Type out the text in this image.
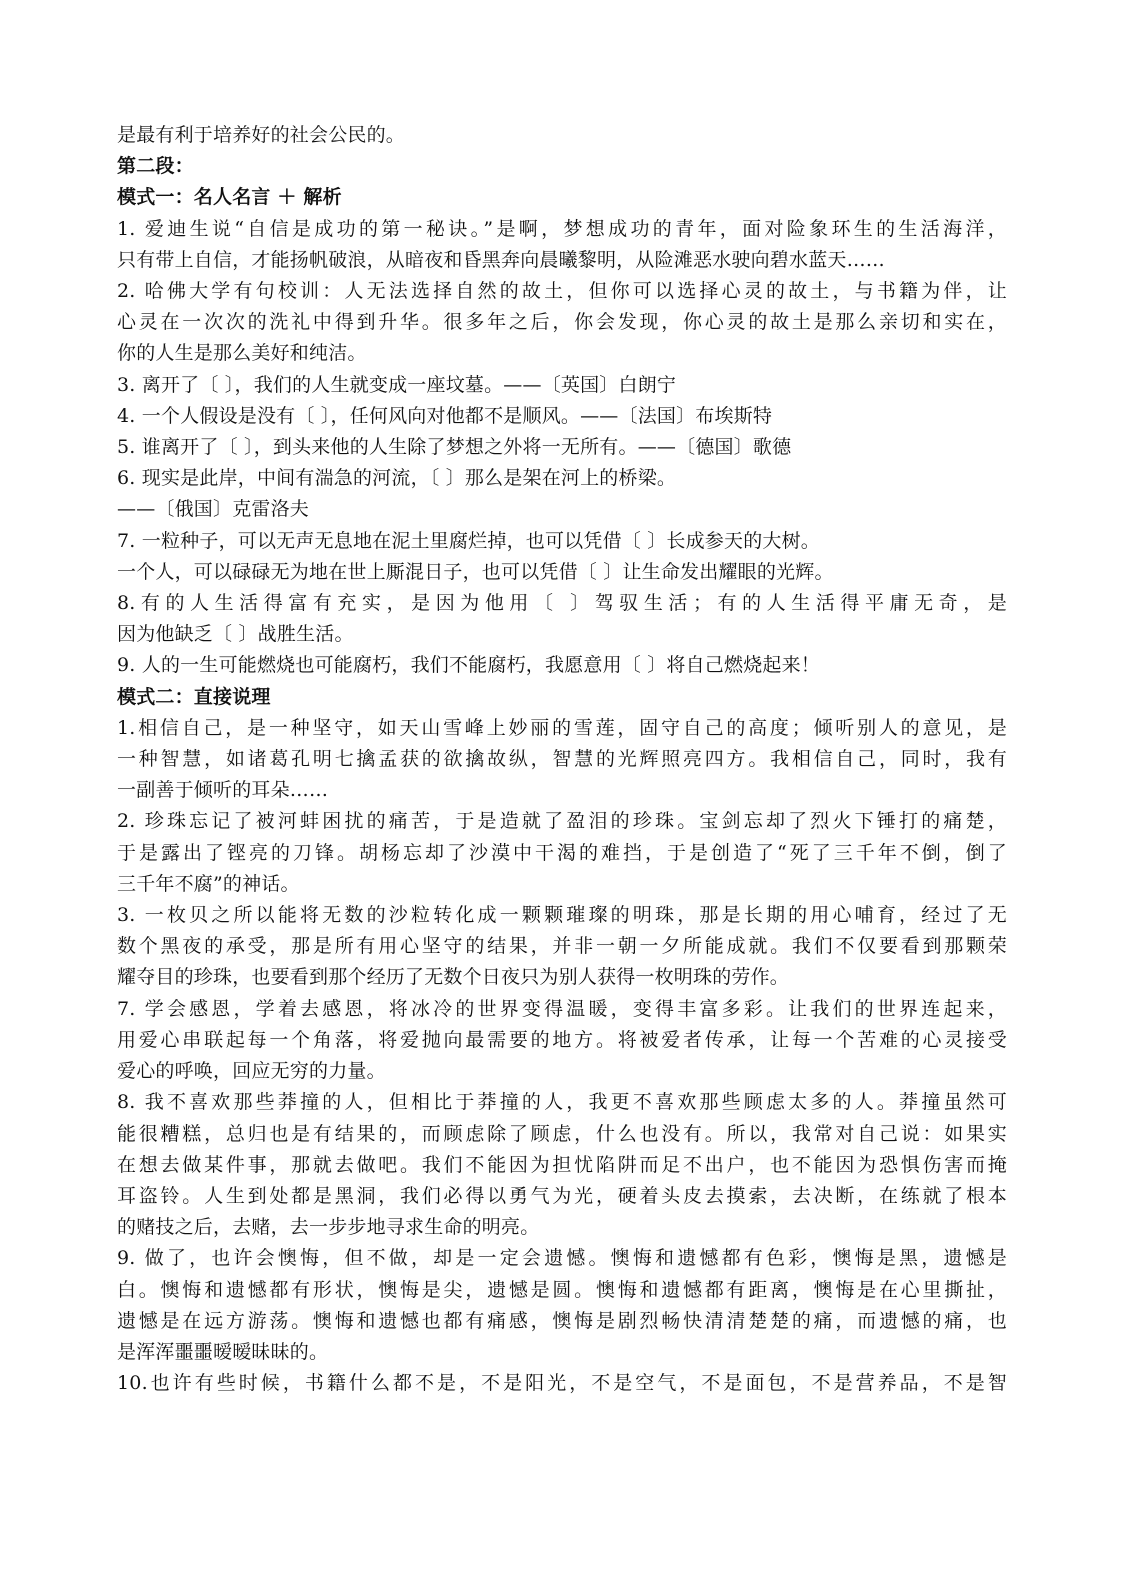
是最有利于培养好的社会公民的。
第二段：
模式一：名人名言 ＋ 解析
1. 爱迪生说“自信是成功的第一秘诀。”是啊，梦想成功的青年，面对险象环生的生活海洋，
只有带上自信，才能扬帆破浪，从暗夜和昏黑奔向晨曦黎明，从险滩恶水驶向碧水蓝天……
2. 哈佛大学有句校训：人无法选择自然的故土，但你可以选择心灵的故土，与书籍为伴，让
心灵在一次次的洗礼中得到升华。很多年之后，你会发现，你心灵的故土是那么亲切和实在，
你的人生是那么美好和纯洁。
3. 离开了〔 〕，我们的人生就变成一座坟墓。——〔英国〕白朗宁
4. 一个人假设是没有〔 〕，任何风向对他都不是顺风。——〔法国〕布埃斯特
5. 谁离开了〔 〕，到头来他的人生除了梦想之外将一无所有。——〔德国〕歌德
6. 现实是此岸，中间有湍急的河流，〔 〕那么是架在河上的桥梁。
——〔俄国〕克雷洛夫
7. 一粒种子，可以无声无息地在泥土里腐烂掉，也可以凭借〔 〕长成参天的大树。
一个人，可以碌碌无为地在世上厮混日子，也可以凭借〔 〕让生命发出耀眼的光辉。
8.有的人生活得富有充实，是因为他用〔 〕驾驭生活；有的人生活得平庸无奇，是
因为他缺乏〔 〕战胜生活。
9. 人的一生可能燃烧也可能腐朽，我们不能腐朽，我愿意用〔 〕将自己燃烧起来！
模式二：直接说理
1.相信自己，是一种坚守，如天山雪峰上妙丽的雪莲，固守自己的高度；倾听别人的意见，是
一种智慧，如诸葛孔明七擒孟获的欲擒故纵，智慧的光辉照亮四方。我相信自己，同时，我有
一副善于倾听的耳朵……
2. 珍珠忘记了被河蚌困扰的痛苦，于是造就了盈泪的珍珠。宝剑忘却了烈火下锤打的痛楚，
于是露出了铿亮的刀锋。胡杨忘却了沙漠中干渴的难挡，于是创造了“死了三千年不倒，倒了
三千年不腐”的神话。
3. 一枚贝之所以能将无数的沙粒转化成一颗颗璀璨的明珠，那是长期的用心哺育，经过了无
数个黑夜的承受，那是所有用心坚守的结果，并非一朝一夕所能成就。我们不仅要看到那颗荣
耀夺目的珍珠，也要看到那个经历了无数个日夜只为别人获得一枚明珠的劳作。
7. 学会感恩，学着去感恩，将冰冷的世界变得温暖，变得丰富多彩。让我们的世界连起来，
用爱心串联起每一个角落，将爱抛向最需要的地方。将被爱者传承，让每一个苦难的心灵接受
爱心的呼唤，回应无穷的力量。
8. 我不喜欢那些莽撞的人，但相比于莽撞的人，我更不喜欢那些顾虑太多的人。莽撞虽然可
能很糟糕，总归也是有结果的，而顾虑除了顾虑，什么也没有。所以，我常对自己说：如果实
在想去做某件事，那就去做吧。我们不能因为担忧陷阱而足不出户，也不能因为恐惧伤害而掩
耳盗铃。人生到处都是黑洞，我们必得以勇气为光，硬着头皮去摸索，去决断，在练就了根本
的赌技之后，去赌，去一步步地寻求生命的明亮。
9. 做了，也许会懊悔，但不做，却是一定会遗憾。懊悔和遗憾都有色彩，懊悔是黑，遗憾是
白。懊悔和遗憾都有形状，懊悔是尖，遗憾是圆。懊悔和遗憾都有距离，懊悔是在心里撕扯，
遗憾是在远方游荡。懊悔和遗憾也都有痛感，懊悔是剧烈畅快清清楚楚的痛，而遗憾的痛，也
是浑浑噩噩暧暧昧昧的。
10.也许有些时候，书籍什么都不是，不是阳光，不是空气，不是面包，不是营养品，不是智
